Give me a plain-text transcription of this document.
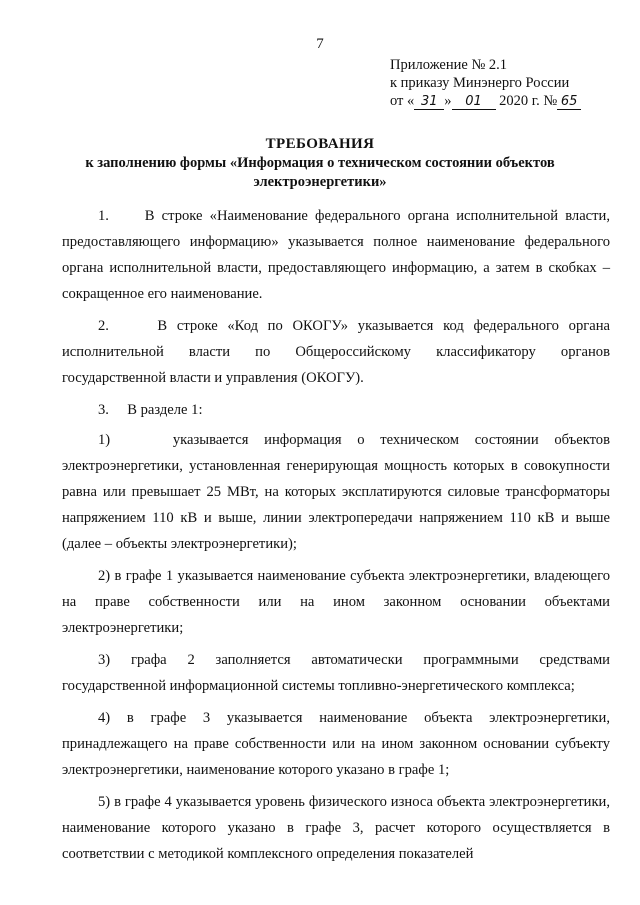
7
Приложение № 2.1
к приказу Минэнерго России
от « 31 » 01 2020 г. № 65
ТРЕБОВАНИЯ
к заполнению формы «Информация о техническом состоянии объектов электроэнергетики»

1.     В строке «Наименование федерального органа исполнительной власти, предоставляющего информацию» указывается полное наименование федерального органа исполнительной власти, предоставляющего информацию, а затем в скобках – сокращенное его наименование.

2.     В строке «Код по ОКОГУ» указывается код федерального органа исполнительной власти по Общероссийскому классификатору органов государственной власти и управления (ОКОГУ).

3.     В разделе 1:

1)    указывается информация о техническом состоянии объектов электроэнергетики, установленная генерирующая мощность которых в совокупности равна или превышает 25 МВт, на которых эксплатируются силовые трансформаторы напряжением 110 кВ и выше, линии электропередачи напряжением 110 кВ и выше (далее – объекты электроэнергетики);

2) в графе 1 указывается наименование субъекта электроэнергетики, владеющего на праве собственности или на ином законном основании объектами электроэнергетики;

3) графа 2 заполняется автоматически программными средствами государственной информационной системы топливно-энергетического комплекса;

4) в графе 3 указывается наименование объекта электроэнергетики, принадлежащего на праве собственности или на ином законном основании субъекту электроэнергетики, наименование которого указано в графе 1;

5) в графе 4 указывается уровень физического износа объекта электроэнергетики, наименование которого указано в графе 3, расчет которого осуществляется в соответствии с методикой комплексного определения показателей
